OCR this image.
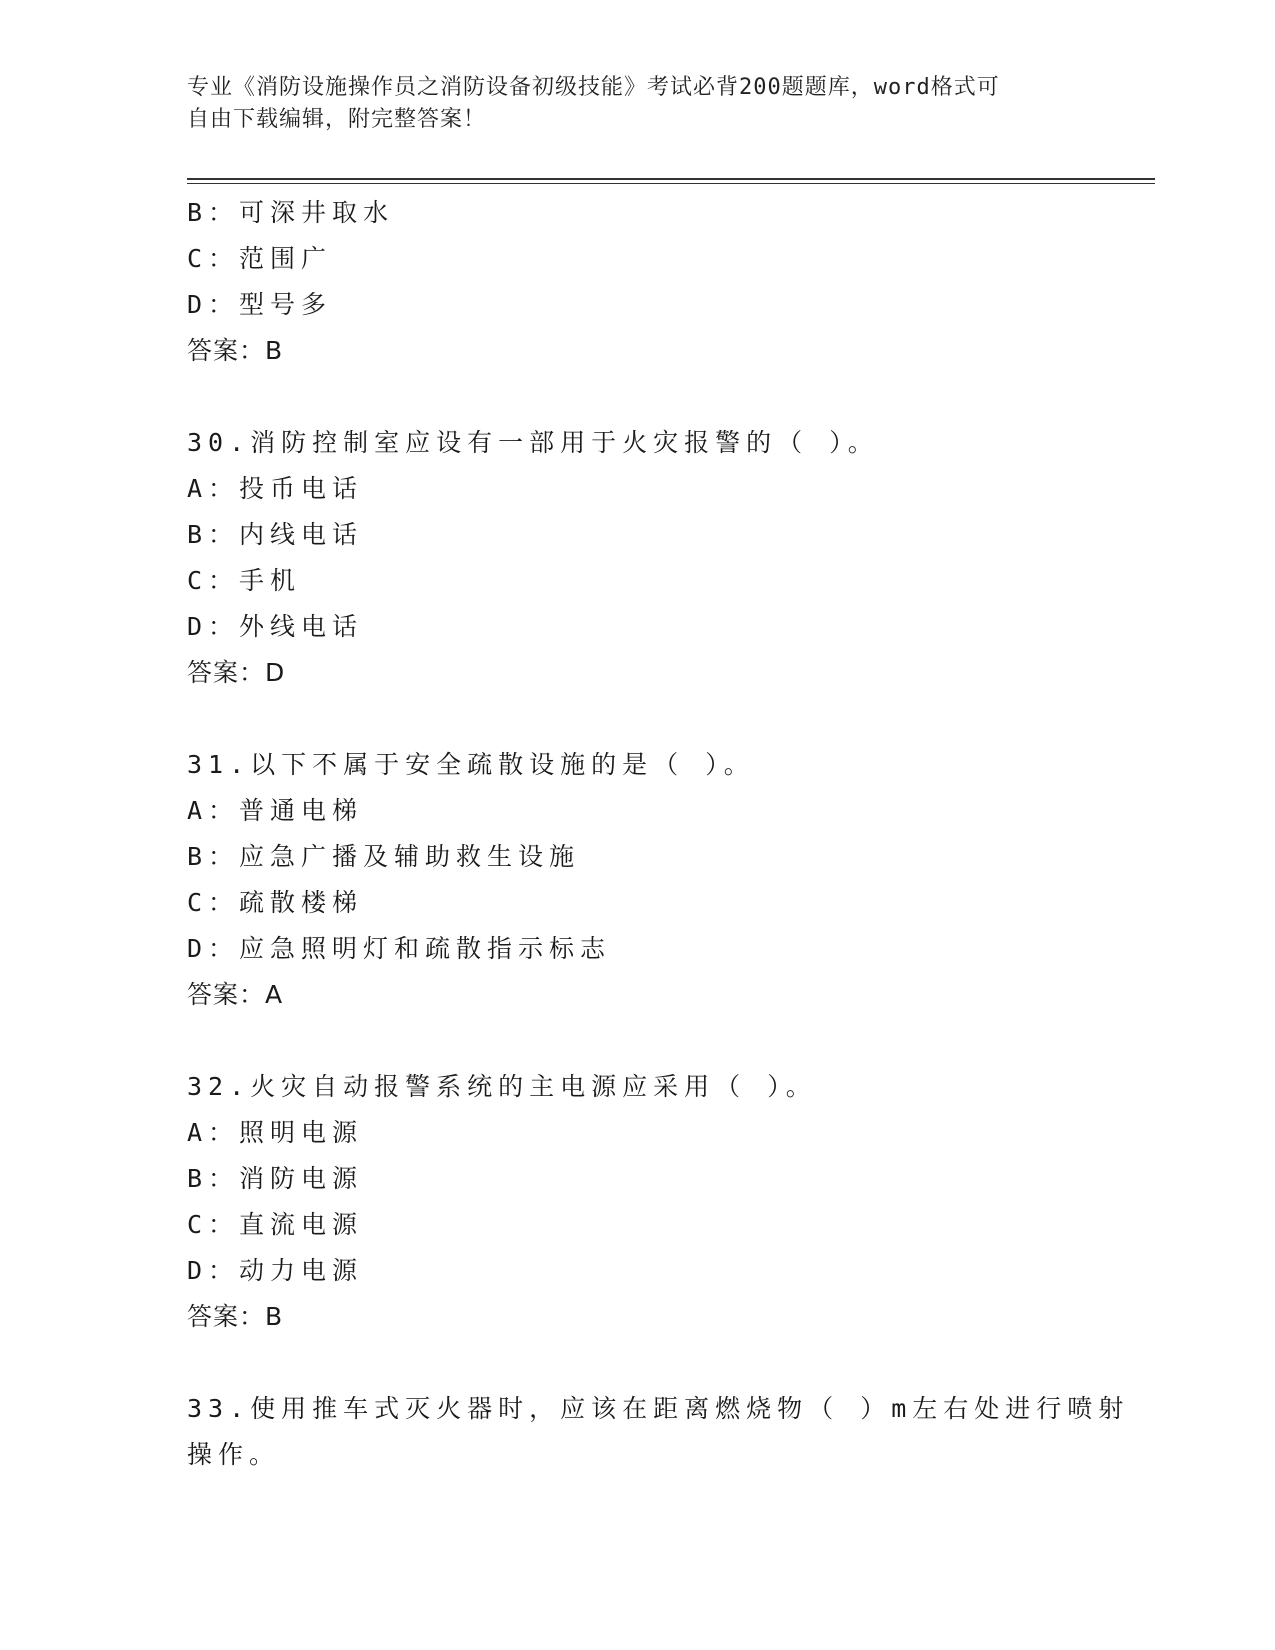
专业《消防设施操作员之消防设备初级技能》考试必背200题题库，word格式可
自由下载编辑，附完整答案！
B：可深井取水
C：范围广
D：型号多
答案：B
30.消防控制室应设有一部用于火灾报警的（ ）。
A：投币电话
B：内线电话
C：手机
D：外线电话
答案：D
31.以下不属于安全疏散设施的是（ ）。
A：普通电梯
B：应急广播及辅助救生设施
C：疏散楼梯
D：应急照明灯和疏散指示标志
答案：A
32.火灾自动报警系统的主电源应采用（ ）。
A：照明电源
B：消防电源
C：直流电源
D：动力电源
答案：B
33.使用推车式灭火器时，应该在距离燃烧物（ ）m左右处进行喷射
操作。
